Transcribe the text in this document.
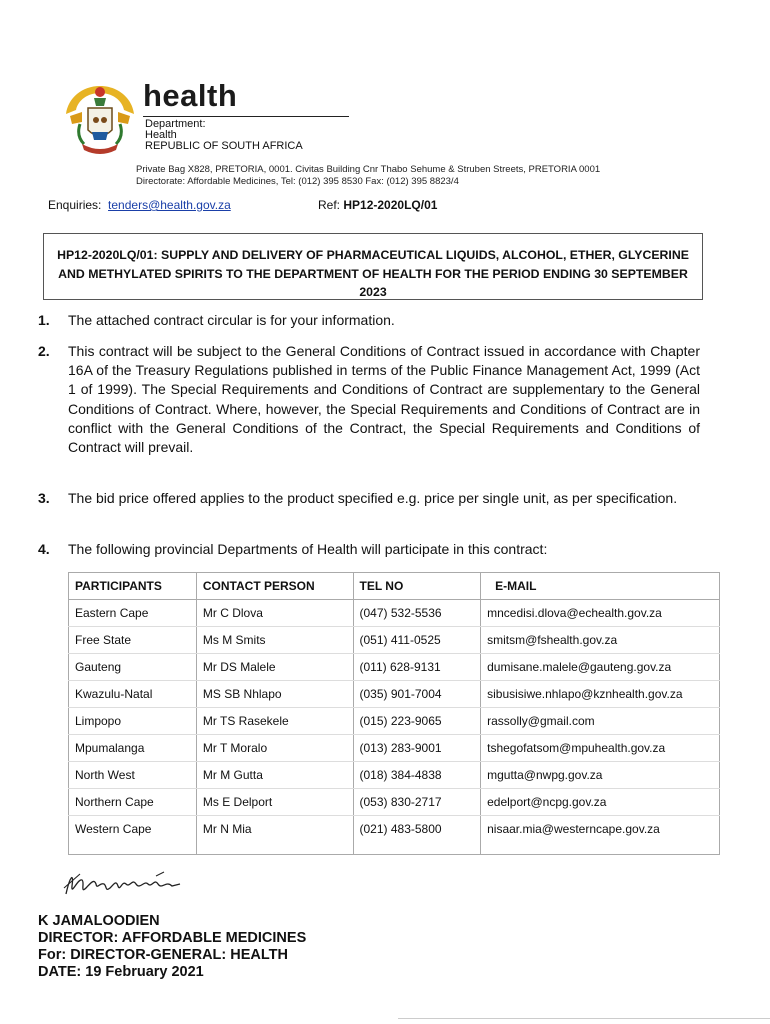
health
Department:
Health
REPUBLIC OF SOUTH AFRICA
Private Bag X828, PRETORIA, 0001. Civitas Building Cnr Thabo Sehume & Struben Streets, PRETORIA 0001
Directorate: Affordable Medicines, Tel: (012) 395 8530 Fax: (012) 395 8823/4
Enquiries: tenders@health.gov.za	Ref: HP12-2020LQ/01
HP12-2020LQ/01: SUPPLY AND DELIVERY OF PHARMACEUTICAL LIQUIDS, ALCOHOL, ETHER, GLYCERINE AND METHYLATED SPIRITS TO THE DEPARTMENT OF HEALTH FOR THE PERIOD ENDING 30 SEPTEMBER 2023
1. The attached contract circular is for your information.
2. This contract will be subject to the General Conditions of Contract issued in accordance with Chapter 16A of the Treasury Regulations published in terms of the Public Finance Management Act, 1999 (Act 1 of 1999). The Special Requirements and Conditions of Contract are supplementary to the General Conditions of Contract. Where, however, the Special Requirements and Conditions of Contract are in conflict with the General Conditions of the Contract, the Special Requirements and Conditions of Contract will prevail.
3. The bid price offered applies to the product specified e.g. price per single unit, as per specification.
4. The following provincial Departments of Health will participate in this contract:
PARTICIPANTS	CONTACT PERSON	TEL NO	E-MAIL
Eastern Cape	Mr C Dlova	(047) 532-5536	mncedisi.dlova@echealth.gov.za
Free State	Ms M Smits	(051) 411-0525	smitsm@fshealth.gov.za
Gauteng	Mr DS Malele	(011) 628-9131	dumisane.malele@gauteng.gov.za
Kwazulu-Natal	MS SB Nhlapo	(035) 901-7004	sibusisiwe.nhlapo@kznhealth.gov.za
Limpopo	Mr TS Rasekele	(015) 223-9065	rassolly@gmail.com
Mpumalanga	Mr T Moralo	(013) 283-9001	tshegofatsom@mpuhealth.gov.za
North West	Mr M Gutta	(018) 384-4838	mgutta@nwpg.gov.za
Northern Cape	Ms E Delport	(053) 830-2717	edelport@ncpg.gov.za
Western Cape	Mr N Mia	(021) 483-5800	nisaar.mia@westerncape.gov.za
K JAMALOODIEN
DIRECTOR: AFFORDABLE MEDICINES
For: DIRECTOR-GENERAL: HEALTH
DATE: 19 February 2021
